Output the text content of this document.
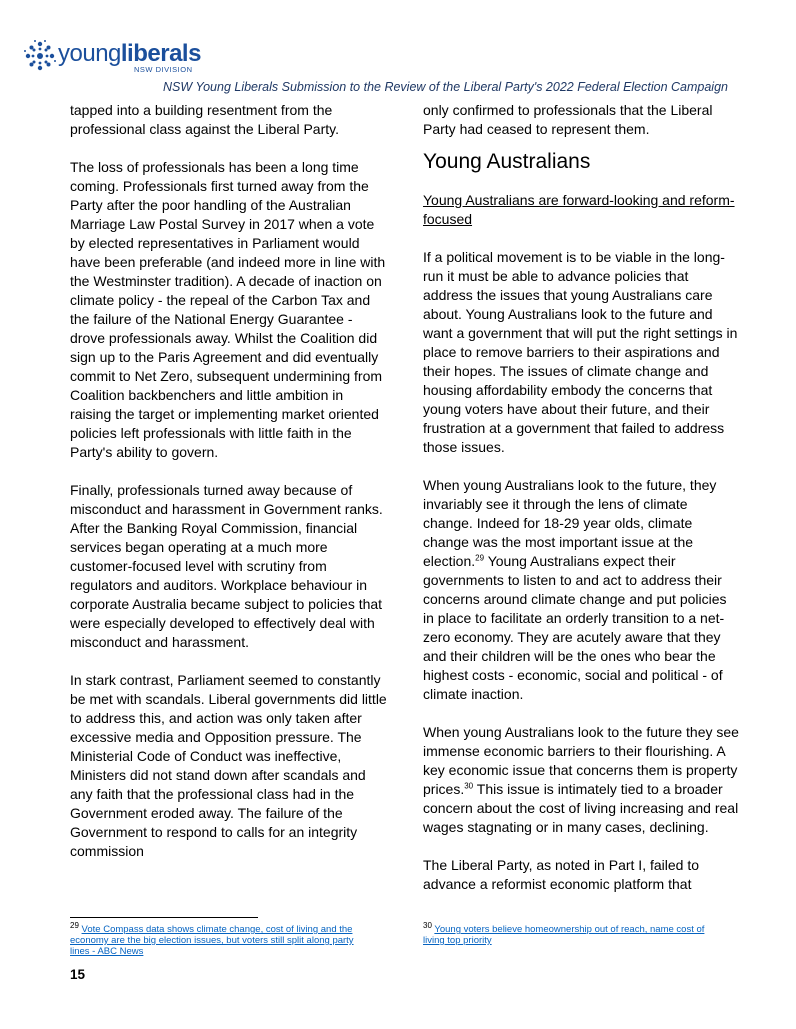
youngliberals
NSW DIVISION
NSW Young Liberals Submission to the Review of the Liberal Party's 2022 Federal Election Campaign

tapped into a building resentment from the professional class against the Liberal Party.

The loss of professionals has been a long time coming. Professionals first turned away from the Party after the poor handling of the Australian Marriage Law Postal Survey in 2017 when a vote by elected representatives in Parliament would have been preferable (and indeed more in line with the Westminster tradition). A decade of inaction on climate policy - the repeal of the Carbon Tax and the failure of the National Energy Guarantee - drove professionals away. Whilst the Coalition did sign up to the Paris Agreement and did eventually commit to Net Zero, subsequent undermining from Coalition backbenchers and little ambition in raising the target or implementing market oriented policies left professionals with little faith in the Party's ability to govern.

Finally, professionals turned away because of misconduct and harassment in Government ranks. After the Banking Royal Commission, financial services began operating at a much more customer-focused level with scrutiny from regulators and auditors. Workplace behaviour in corporate Australia became subject to policies that were especially developed to effectively deal with misconduct and harassment.

In stark contrast, Parliament seemed to constantly be met with scandals. Liberal governments did little to address this, and action was only taken after excessive media and Opposition pressure. The Ministerial Code of Conduct was ineffective, Ministers did not stand down after scandals and any faith that the professional class had in the Government eroded away. The failure of the Government to respond to calls for an integrity commission

only confirmed to professionals that the Liberal Party had ceased to represent them.

Young Australians
Young Australians are forward-looking and reform-focused

If a political movement is to be viable in the long-run it must be able to advance policies that address the issues that young Australians care about. Young Australians look to the future and want a government that will put the right settings in place to remove barriers to their aspirations and their hopes. The issues of climate change and housing affordability embody the concerns that young voters have about their future, and their frustration at a government that failed to address those issues.

When young Australians look to the future, they invariably see it through the lens of climate change. Indeed for 18-29 year olds, climate change was the most important issue at the election.$^{29}$ Young Australians expect their governments to listen to and act to address their concerns around climate change and put policies in place to facilitate an orderly transition to a net-zero economy. They are acutely aware that they and their children will be the ones who bear the highest costs - economic, social and political - of climate inaction.

When young Australians look to the future they see immense economic barriers to their flourishing. A key economic issue that concerns them is property prices.$^{30}$ This issue is intimately tied to a broader concern about the cost of living increasing and real wages stagnating or in many cases, declining.

The Liberal Party, as noted in Part I, failed to advance a reformist economic platform that

$^{29}$ Vote Compass data shows climate change, cost of living and the economy are the big election issues, but voters still split along party lines - ABC News
$^{30}$ Young voters believe homeownership out of reach, name cost of living top priority
15
